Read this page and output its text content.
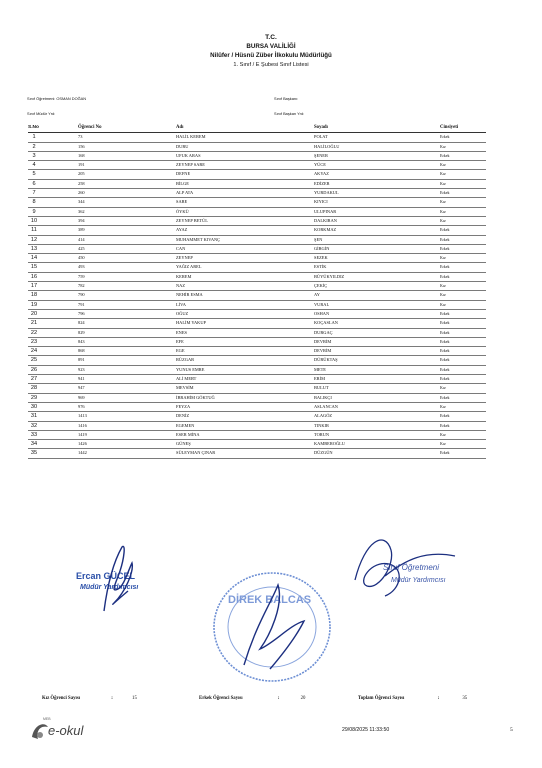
T.C.
BURSA VALİLİĞİ
Nilüfer / Hüsnü Züber İlkokulu Müdürlüğü
1. Sınıf / E Şubesi Sınıf Listesi
Sınıf Öğretmeni: OSMAN DOĞAN
Sınıf Müdür Yrd:
Sınıf Başkanı:
Sınıf Başkan Yrd:
S.No	Öğrenci No	Adı	Soyadı	Cinsiyeti
1	73	HALİL KEREM	POLAT	Erkek
2	156	DURU	HALİLOĞLU	Kız
3	168	UFUK ARAS	ŞENER	Erkek
4	191	ZEYNEP SARE	YÜCE	Kız
5	205	DEFNE	AKYAZ	Kız
6	258	BİLGE	EDİZER	Kız
7	260	ALP ATA	YURDAKUL	Erkek
8	344	SARE	KIYICI	Kız
9	362	ÖYKÜ	ULUPINAR	Kız
10	394	ZEYNEP BETÜL	DALKIRAN	Kız
11	389	AYAZ	KORKMAZ	Erkek
12	414	MUHAMMET KIVANÇ	ŞEN	Erkek
13	425	CAN	GİRGİN	Erkek
14	450	ZEYNEP	SEZEK	Kız
15	493	YAĞIZ AREL	ESTİK	Erkek
16	759	KEREM	BÜYÜKYILDIZ	Erkek
17	782	NAZ	ÇEKİÇ	Kız
18	790	NEHİR ESMA	AY	Kız
19	791	LİVA	VURAL	Kız
20	796	OĞUZ	OSHAN	Erkek
21	824	HALİM YAKUP	KOÇASLAN	Erkek
22	829	ENES	DURGAÇ	Erkek
23	843	EFE	DEVRİM	Erkek
24	868	EGE	DEVRİM	Erkek
25	891	RÜZGAR	DÜRÜKTAŞ	Erkek
26	923	YUNUS EMRE	METE	Erkek
27	941	ALİ MERT	ERİM	Erkek
28	947	MEVSİM	BULUT	Kız
29	969	İBRAHİM GÖKTUĞ	BALIKÇI	Erkek
30	976	FEYZA	ASLANCAN	Kız
31	1413	DENİZ	ALAGÖZ	Erkek
32	1416	EGEMEN	TINKIR	Erkek
33	1419	ESER MİNA	TORUN	Kız
34	1426	GÜNEŞ	KAMBEROĞLU	Kız
35	1442	SÜLEYMAN ÇINAR	DÜZGÜN	Erkek
Ercan GÜCEL
Müdür Yardımcısı
Sınıf Öğretmeni
Müdür Yardımcısı
DİREK BALCAS
Kız Öğrenci Sayısı	:	15	Erkek Öğrenci Sayısı	:	20	Toplam Öğrenci Sayısı	:	35
MEB
e-okul	29/08/2025 11:33:50	5
